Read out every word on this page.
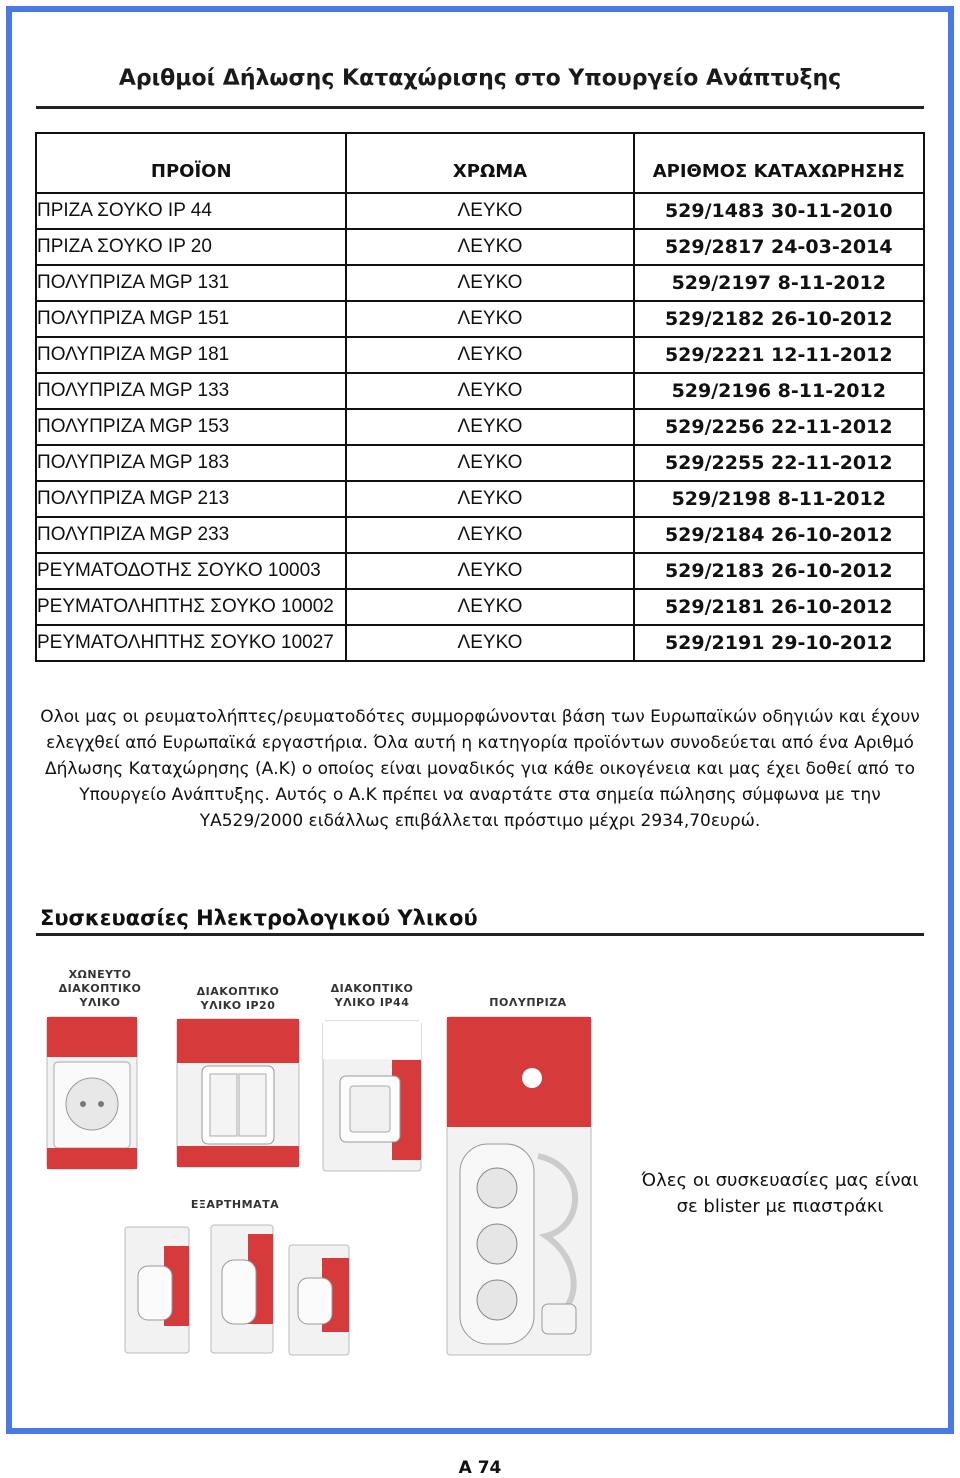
Αριθμοί Δήλωσης Καταχώρισης στο Υπουργείο Ανάπτυξης
ΠΡΟΪΟΝ	ΧΡΩΜΑ	ΑΡΙΘΜΟΣ ΚΑΤΑΧΩΡΗΣΗΣ
ΠΡΙΖΑ ΣΟΥΚΟ ΙΡ 44	ΛΕΥΚΟ	529/1483 30-11-2010
ΠΡΙΖΑ ΣΟΥΚΟ ΙΡ 20	ΛΕΥΚΟ	529/2817 24-03-2014
ΠΟΛΥΠΡΙΖΑ MGP 131	ΛΕΥΚΟ	529/2197 8-11-2012
ΠΟΛΥΠΡΙΖΑ MGP 151	ΛΕΥΚΟ	529/2182 26-10-2012
ΠΟΛΥΠΡΙΖΑ MGP 181	ΛΕΥΚΟ	529/2221 12-11-2012
ΠΟΛΥΠΡΙΖΑ MGP 133	ΛΕΥΚΟ	529/2196 8-11-2012
ΠΟΛΥΠΡΙΖΑ MGP 153	ΛΕΥΚΟ	529/2256 22-11-2012
ΠΟΛΥΠΡΙΖΑ MGP 183	ΛΕΥΚΟ	529/2255 22-11-2012
ΠΟΛΥΠΡΙΖΑ MGP 213	ΛΕΥΚΟ	529/2198 8-11-2012
ΠΟΛΥΠΡΙΖΑ MGP 233	ΛΕΥΚΟ	529/2184 26-10-2012
ΡΕΥΜΑΤΟΔΟΤΗΣ ΣΟΥΚΟ 10003	ΛΕΥΚΟ	529/2183 26-10-2012
ΡΕΥΜΑΤΟΛΗΠΤΗΣ ΣΟΥΚΟ 10002	ΛΕΥΚΟ	529/2181 26-10-2012
ΡΕΥΜΑΤΟΛΗΠΤΗΣ ΣΟΥΚΟ 10027	ΛΕΥΚΟ	529/2191 29-10-2012
Ολοι μας οι ρευματολήπτες/ρευματοδότες συμμορφώνονται βάση των Ευρωπαϊκών οδηγιών και έχουν
ελεγχθεί από Ευρωπαϊκά εργαστήρια. Όλα αυτή η κατηγορία προϊόντων συνοδεύεται από ένα Αριθμό
Δήλωσης Καταχώρησης (Α.Κ) ο οποίος είναι μοναδικός για κάθε οικογένεια και μας έχει δοθεί από το
Υπουργείο Ανάπτυξης. Αυτός ο Α.Κ πρέπει να αναρτάτε στα σημεία πώλησης σύμφωνα με την
ΥΑ529/2000 ειδάλλως επιβάλλεται πρόστιμο μέχρι 2934,70ευρώ.
Συσκευασίες Ηλεκτρολογικού Υλικού
ΧΩΝΕΥΤΟ
ΔΙΑΚΟΠΤΙΚΟ
ΥΛΙΚΟ
ΔΙΑΚΟΠΤΙΚΟ
ΥΛΙΚΟ ΙΡ20
ΔΙΑΚΟΠΤΙΚΟ
ΥΛΙΚΟ ΙΡ44	ΠΟΛΥΠΡΙΖΑ
ΕΞΑΡΤΗΜΑΤΑ
Όλες οι συσκευασίες μας είναι
σε blister με πιαστράκι
A 74
